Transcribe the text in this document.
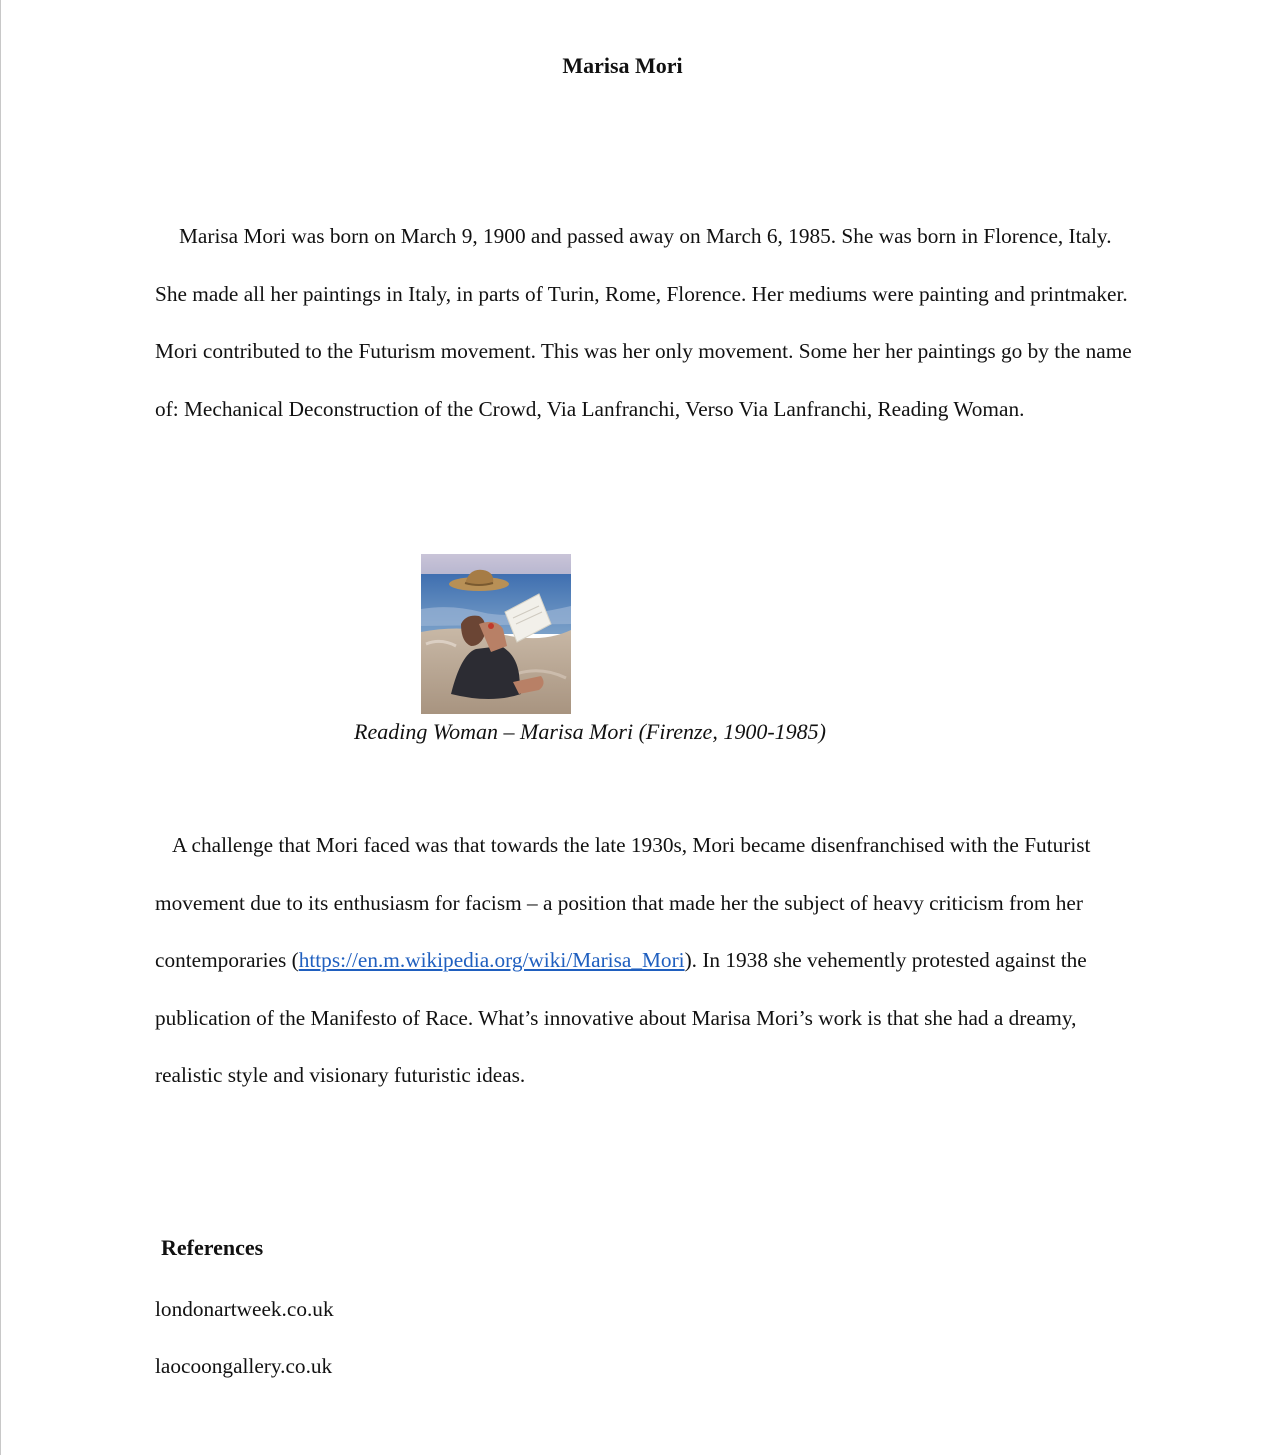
Marisa Mori

Marisa Mori was born on March 9, 1900 and passed away on March 6, 1985. She was born in Florence, Italy. She made all her paintings in Italy, in parts of Turin, Rome, Florence. Her mediums were painting and printmaker. Mori contributed to the Futurism movement. This was her only movement. Some her her paintings go by the name of: Mechanical Deconstruction of the Crowd, Via Lanfranchi, Verso Via Lanfranchi, Reading Woman.

Reading Woman – Marisa Mori (Firenze, 1900-1985)

A challenge that Mori faced was that towards the late 1930s, Mori became disenfranchised with the Futurist movement due to its enthusiasm for facism – a position that made her the subject of heavy criticism from her contemporaries (https://en.m.wikipedia.org/wiki/Marisa_Mori). In 1938 she vehemently protested against the publication of the Manifesto of Race. What’s innovative about Marisa Mori’s work is that she had a dreamy, realistic style and visionary futuristic ideas.

References

londonartweek.co.uk

laocoongallery.co.uk
